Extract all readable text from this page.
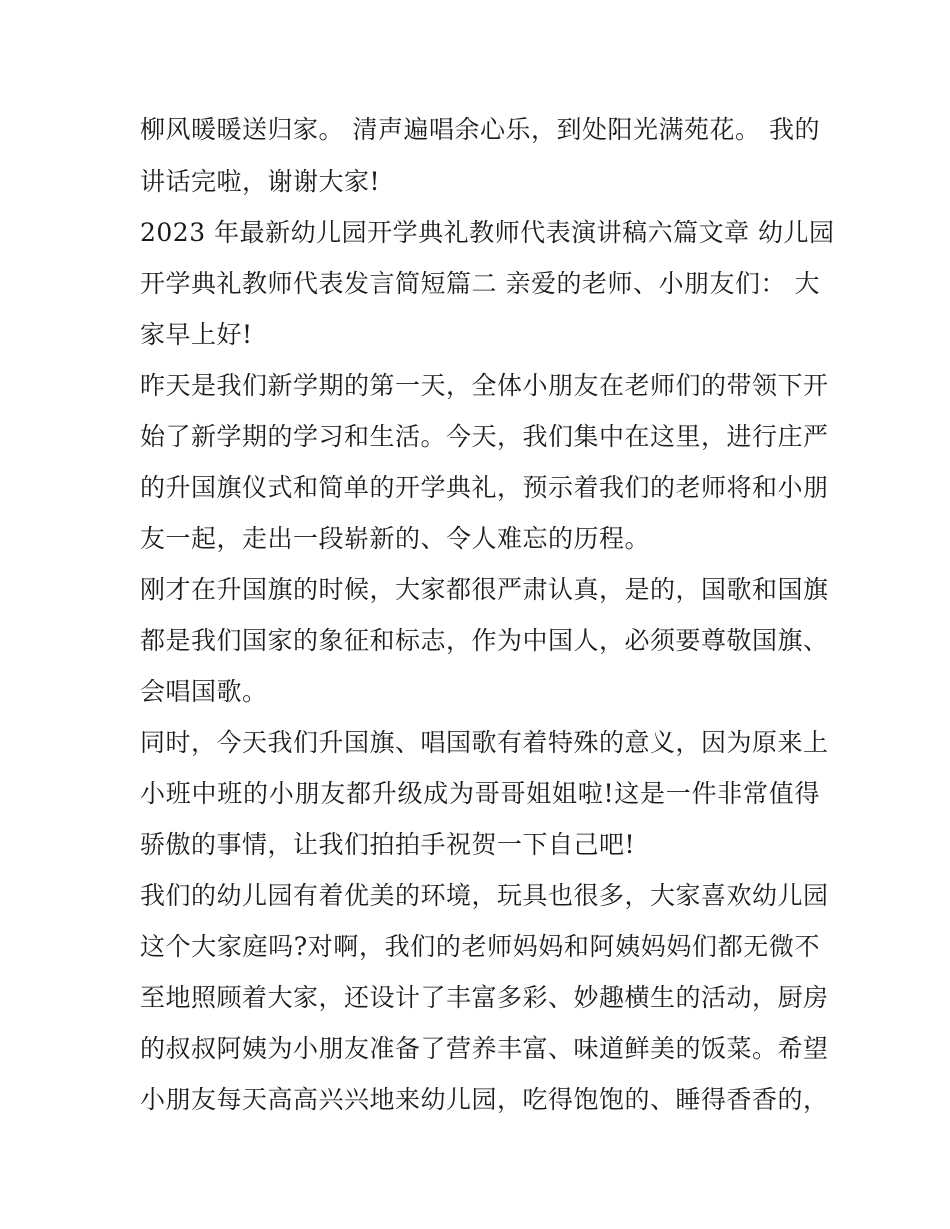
柳风暖暖送归家。 清声遍唱余心乐，到处阳光满苑花。 我的
讲话完啦，谢谢大家!
2023 年最新幼儿园开学典礼教师代表演讲稿六篇文章 幼儿园
开学典礼教师代表发言简短篇二 亲爱的老师、小朋友们： 大
家早上好!
昨天是我们新学期的第一天，全体小朋友在老师们的带领下开
始了新学期的学习和生活。今天，我们集中在这里，进行庄严
的升国旗仪式和简单的开学典礼，预示着我们的老师将和小朋
友一起，走出一段崭新的、令人难忘的历程。
刚才在升国旗的时候，大家都很严肃认真，是的，国歌和国旗
都是我们国家的象征和标志，作为中国人，必须要尊敬国旗、
会唱国歌。
同时，今天我们升国旗、唱国歌有着特殊的意义，因为原来上
小班中班的小朋友都升级成为哥哥姐姐啦!这是一件非常值得
骄傲的事情，让我们拍拍手祝贺一下自己吧!
我们的幼儿园有着优美的环境，玩具也很多，大家喜欢幼儿园
这个大家庭吗?对啊，我们的老师妈妈和阿姨妈妈们都无微不
至地照顾着大家，还设计了丰富多彩、妙趣横生的活动，厨房
的叔叔阿姨为小朋友准备了营养丰富、味道鲜美的饭菜。希望
小朋友每天高高兴兴地来幼儿园，吃得饱饱的、睡得香香的，
